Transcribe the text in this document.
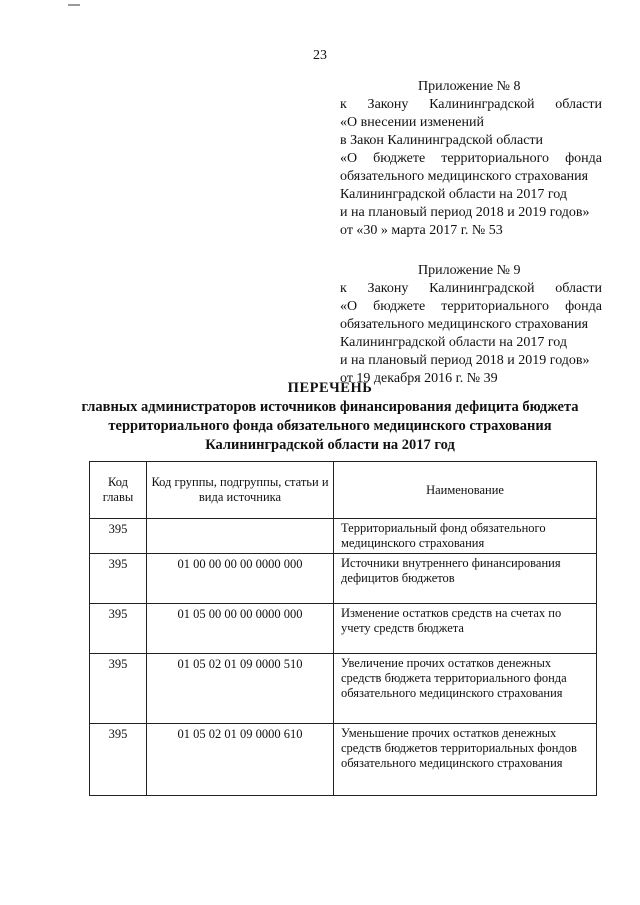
23
Приложение № 8
к Закону Калининградской области
«О внесении изменений
в Закон Калининградской области
«О бюджете территориального фонда
обязательного медицинского страхования
Калининградской области на 2017 год
и на плановый период 2018 и 2019 годов»
от «30 » марта 2017 г. № 53
Приложение № 9
к Закону Калининградской области
«О бюджете территориального фонда
обязательного медицинского страхования
Калининградской области на 2017 год
и на плановый период 2018 и 2019 годов»
от 19 декабря 2016 г. № 39
ПЕРЕЧЕНЬ
главных администраторов источников финансирования дефицита бюджета
территориального фонда обязательного медицинского страхования
Калининградской области на 2017 год
Код главы	Код группы, подгруппы, статьи и вида источника	Наименование
395		Территориальный фонд обязательного медицинского страхования
395	01 00 00 00 00 0000 000	Источники внутреннего финансирования дефицитов бюджетов
395	01 05 00 00 00 0000 000	Изменение остатков средств на счетах по учету средств бюджета
395	01 05 02 01 09 0000 510	Увеличение прочих остатков денежных средств бюджета территориального фонда обязательного медицинского страхования
395	01 05 02 01 09 0000 610	Уменьшение прочих остатков денежных средств бюджетов территориальных фондов обязательного медицинского страхования
